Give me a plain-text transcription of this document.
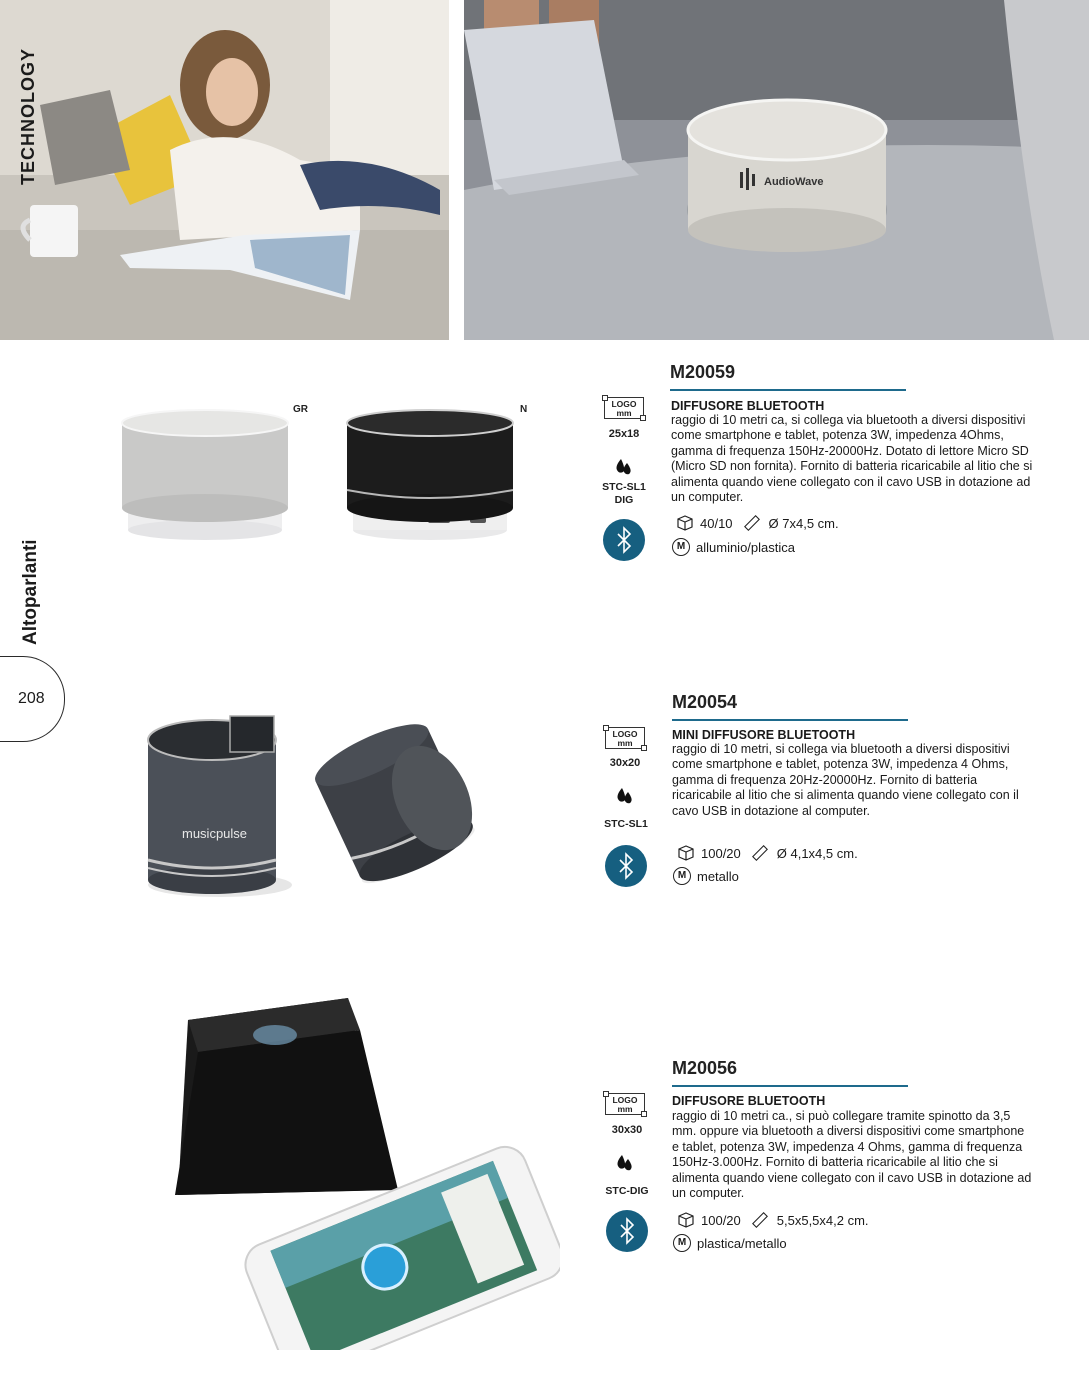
AudioWave
TECHNOLOGY
Altoparlanti
208
GR	N
M20059
LOGO
mm
25x18
STC-SL1
DIG
DIFFUSORE BLUETOOTH
raggio di 10 metri ca, si collega via bluetooth a diversi dispositivi come smartphone e tablet, potenza 3W, impedenza 4Ohms, gamma di frequenza 150Hz-20000Hz. Dotato di lettore Micro SD (Micro SD non fornita). Fornito di batteria ricaricabile al litio che si alimenta quando viene collegato con il cavo USB in dotazione ad un computer.
40/10	Ø 7x4,5 cm.
M alluminio/plastica
musicpulse
M20054
LOGO
mm
30x20
STC-SL1
MINI DIFFUSORE BLUETOOTH
raggio di 10 metri, si collega via bluetooth a diversi dispositivi come smartphone e tablet, potenza 3W, impedenza 4 Ohms, gamma di frequenza 20Hz-20000Hz. Fornito di batteria ricaricabile al litio che si alimenta quando viene collegato con il cavo USB in dotazione al computer.
100/20	Ø 4,1x4,5 cm.
M metallo
M20056
LOGO
mm
30x30
STC-DIG
DIFFUSORE BLUETOOTH
raggio di 10 metri ca., si può collegare tramite spinotto da 3,5 mm. oppure via bluetooth a diversi dispositivi come smartphone e tablet, potenza 3W, impedenza 4 Ohms, gamma di frequenza 150Hz-3.000Hz. Fornito di batteria ricaricabile al litio che si alimenta quando viene collegato con il cavo USB in dotazione ad un computer.
100/20	5,5x5,5x4,2 cm.
M plastica/metallo
